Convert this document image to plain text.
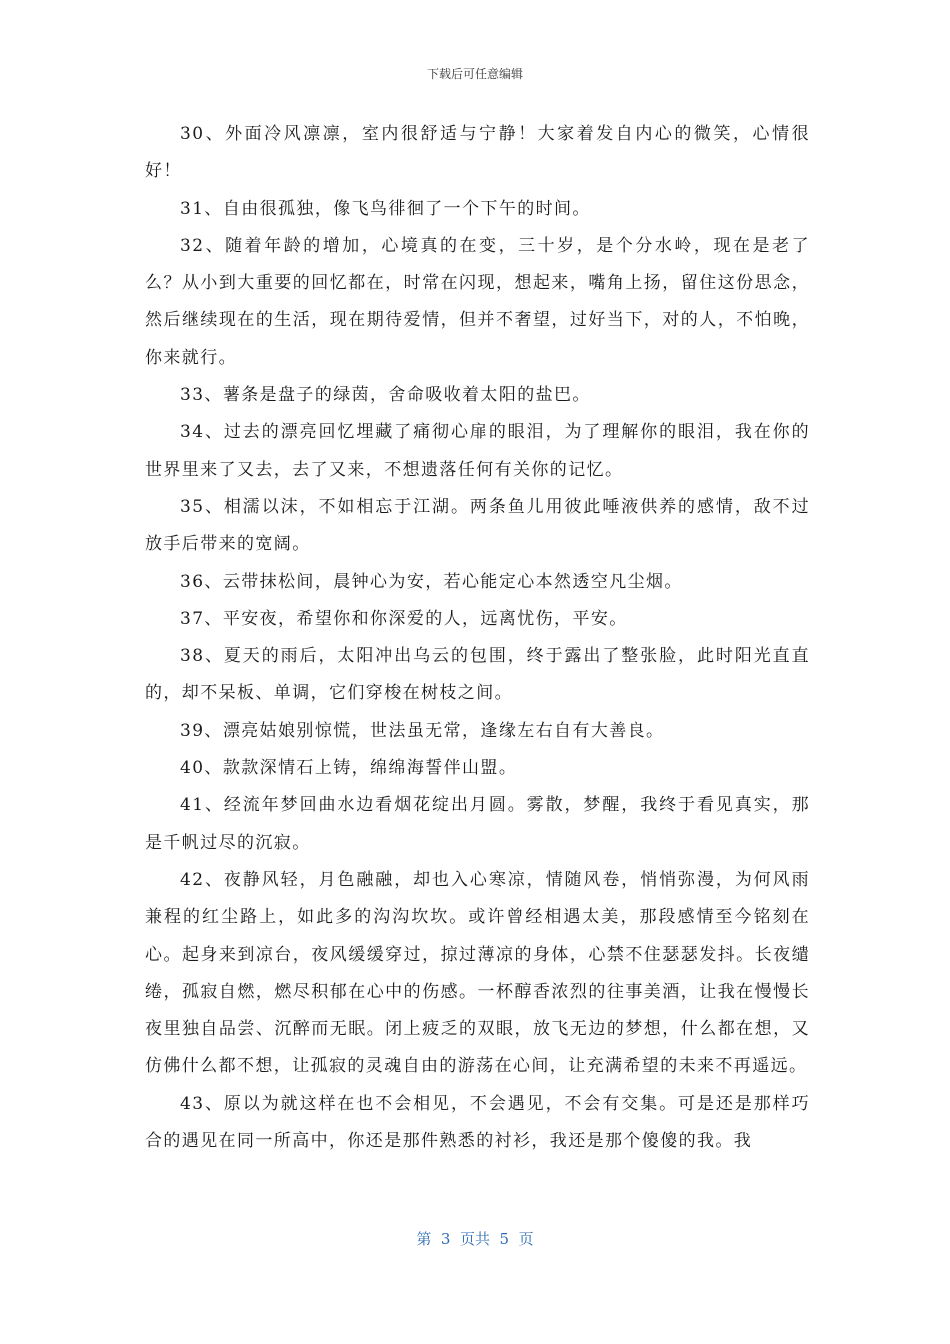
下载后可任意编辑

30、外面冷风凛凛，室内很舒适与宁静！大家着发自内心的微笑，心情很好！

31、自由很孤独，像飞鸟徘徊了一个下午的时间。

32、随着年龄的增加，心境真的在变，三十岁，是个分水岭，现在是老了么？从小到大重要的回忆都在，时常在闪现，想起来，嘴角上扬，留住这份思念，然后继续现在的生活，现在期待爱情，但并不奢望，过好当下，对的人，不怕晚，你来就行。

33、薯条是盘子的绿茵，舍命吸收着太阳的盐巴。

34、过去的漂亮回忆埋藏了痛彻心扉的眼泪，为了理解你的眼泪，我在你的世界里来了又去，去了又来，不想遗落任何有关你的记忆。

35、相濡以沫，不如相忘于江湖。两条鱼儿用彼此唾液供养的感情，敌不过放手后带来的宽阔。

36、云带抹松间，晨钟心为安，若心能定心本然透空凡尘烟。

37、平安夜，希望你和你深爱的人，远离忧伤，平安。

38、夏天的雨后，太阳冲出乌云的包围，终于露出了整张脸，此时阳光直直的，却不呆板、单调，它们穿梭在树枝之间。

39、漂亮姑娘别惊慌，世法虽无常，逢缘左右自有大善良。

40、款款深情石上铸，绵绵海誓伴山盟。

41、经流年梦回曲水边看烟花绽出月圆。雾散，梦醒，我终于看见真实，那是千帆过尽的沉寂。

42、夜静风轻，月色融融，却也入心寒凉，情随风卷，悄悄弥漫，为何风雨兼程的红尘路上，如此多的沟沟坎坎。或许曾经相遇太美，那段感情至今铭刻在心。起身来到凉台，夜风缓缓穿过，掠过薄凉的身体，心禁不住瑟瑟发抖。长夜缱绻，孤寂自燃，燃尽积郁在心中的伤感。一杯醇香浓烈的往事美酒，让我在慢慢长夜里独自品尝、沉醉而无眠。闭上疲乏的双眼，放飞无边的梦想，什么都在想，又仿佛什么都不想，让孤寂的灵魂自由的游荡在心间，让充满希望的未来不再遥远。

43、原以为就这样在也不会相见，不会遇见，不会有交集。可是还是那样巧合的遇见在同一所高中，你还是那件熟悉的衬衫，我还是那个傻傻的我。我

第  3  页共  5  页
